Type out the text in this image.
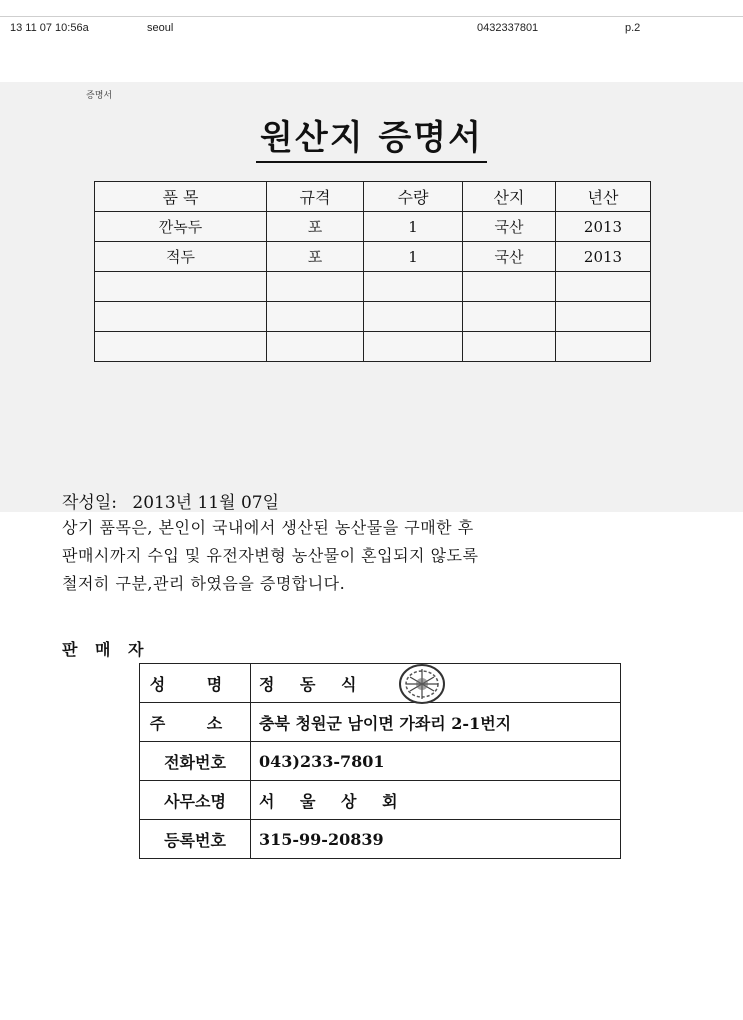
13 11 07 10:56a	seoul	0432337801	p.2
증명서
원산지 증명서
품 목	규격	수량	산지	년산
깐녹두	포	1	국산	2013
적두	포	1	국산	2013

작성일: 2013년 11월 07일
상기 품목은, 본인이 국내에서 생산된 농산물을 구매한 후
판매시까지 수입 및 유전자변형 농산물이 혼입되지 않도록
철저히 구분,관리 하였음을 증명합니다.
판 매 자
성 명	정 동 식
주 소	충북 청원군 남이면 가좌리 2-1번지
전화번호	043)233-7801
사무소명	서 울 상 회
등록번호	315-99-20839
